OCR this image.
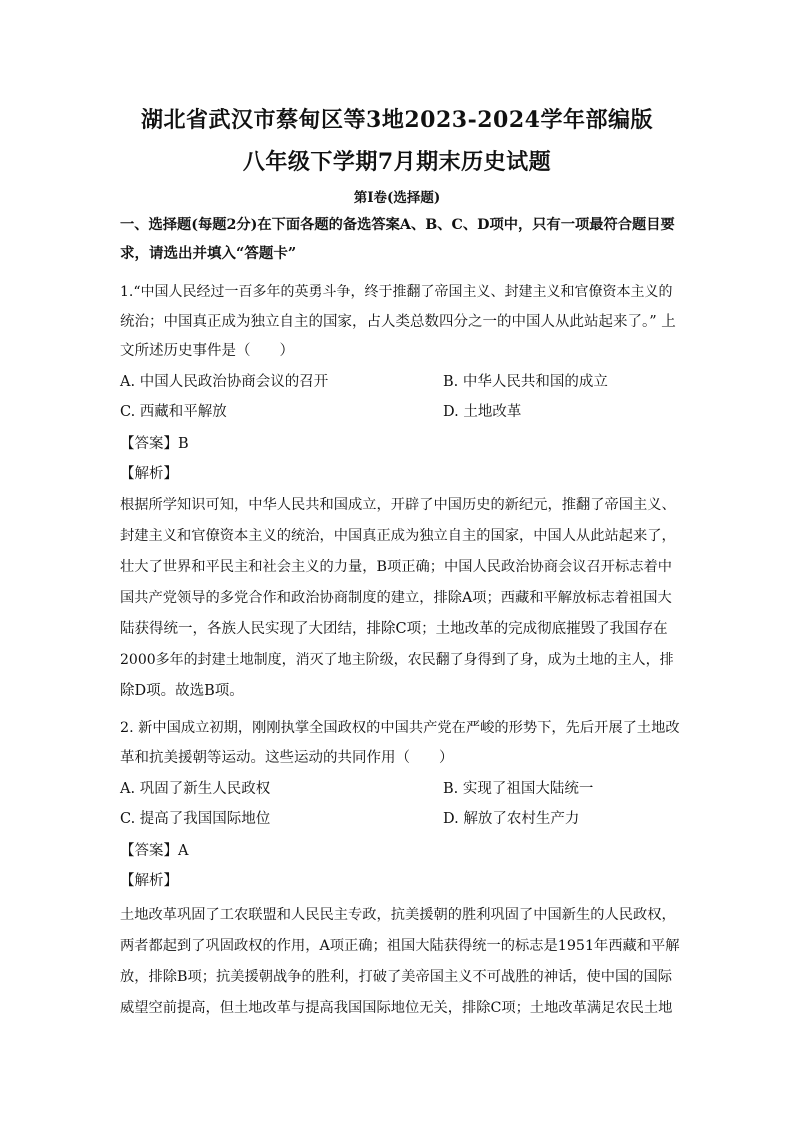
湖北省武汉市蔡甸区等3地2023-2024学年部编版
八年级下学期7月期末历史试题
第Ⅰ卷(选择题)
一、选择题(每题2分)在下面各题的备选答案A、B、C、D项中，只有一项最符合题目要
求，请选出并填入“答题卡”
1.“中国人民经过一百多年的英勇斗争，终于推翻了帝国主义、封建主义和官僚资本主义的
统治；中国真正成为独立自主的国家，占人类总数四分之一的中国人从此站起来了。” 上
文所述历史事件是（　　）
A. 中国人民政治协商会议的召开	B. 中华人民共和国的成立
C. 西藏和平解放	D. 土地改革
【答案】B
【解析】
根据所学知识可知，中华人民共和国成立，开辟了中国历史的新纪元，推翻了帝国主义、
封建主义和官僚资本主义的统治，中国真正成为独立自主的国家，中国人从此站起来了，
壮大了世界和平民主和社会主义的力量，B项正确；中国人民政治协商会议召开标志着中
国共产党领导的多党合作和政治协商制度的建立，排除A项；西藏和平解放标志着祖国大
陆获得统一，各族人民实现了大团结，排除C项；土地改革的完成彻底摧毁了我国存在
2000多年的封建土地制度，消灭了地主阶级，农民翻了身得到了身，成为土地的主人，排
除D项。故选B项。
2. 新中国成立初期，刚刚执掌全国政权的中国共产党在严峻的形势下，先后开展了土地改
革和抗美援朝等运动。这些运动的共同作用（　　）
A. 巩固了新生人民政权	B. 实现了祖国大陆统一
C. 提高了我国国际地位	D. 解放了农村生产力
【答案】A
【解析】
土地改革巩固了工农联盟和人民民主专政，抗美援朝的胜利巩固了中国新生的人民政权，
两者都起到了巩固政权的作用，A项正确；祖国大陆获得统一的标志是1951年西藏和平解
放，排除B项；抗美援朝战争的胜利，打破了美帝国主义不可战胜的神话，使中国的国际
威望空前提高，但土地改革与提高我国国际地位无关，排除C项；土地改革满足农民土地
